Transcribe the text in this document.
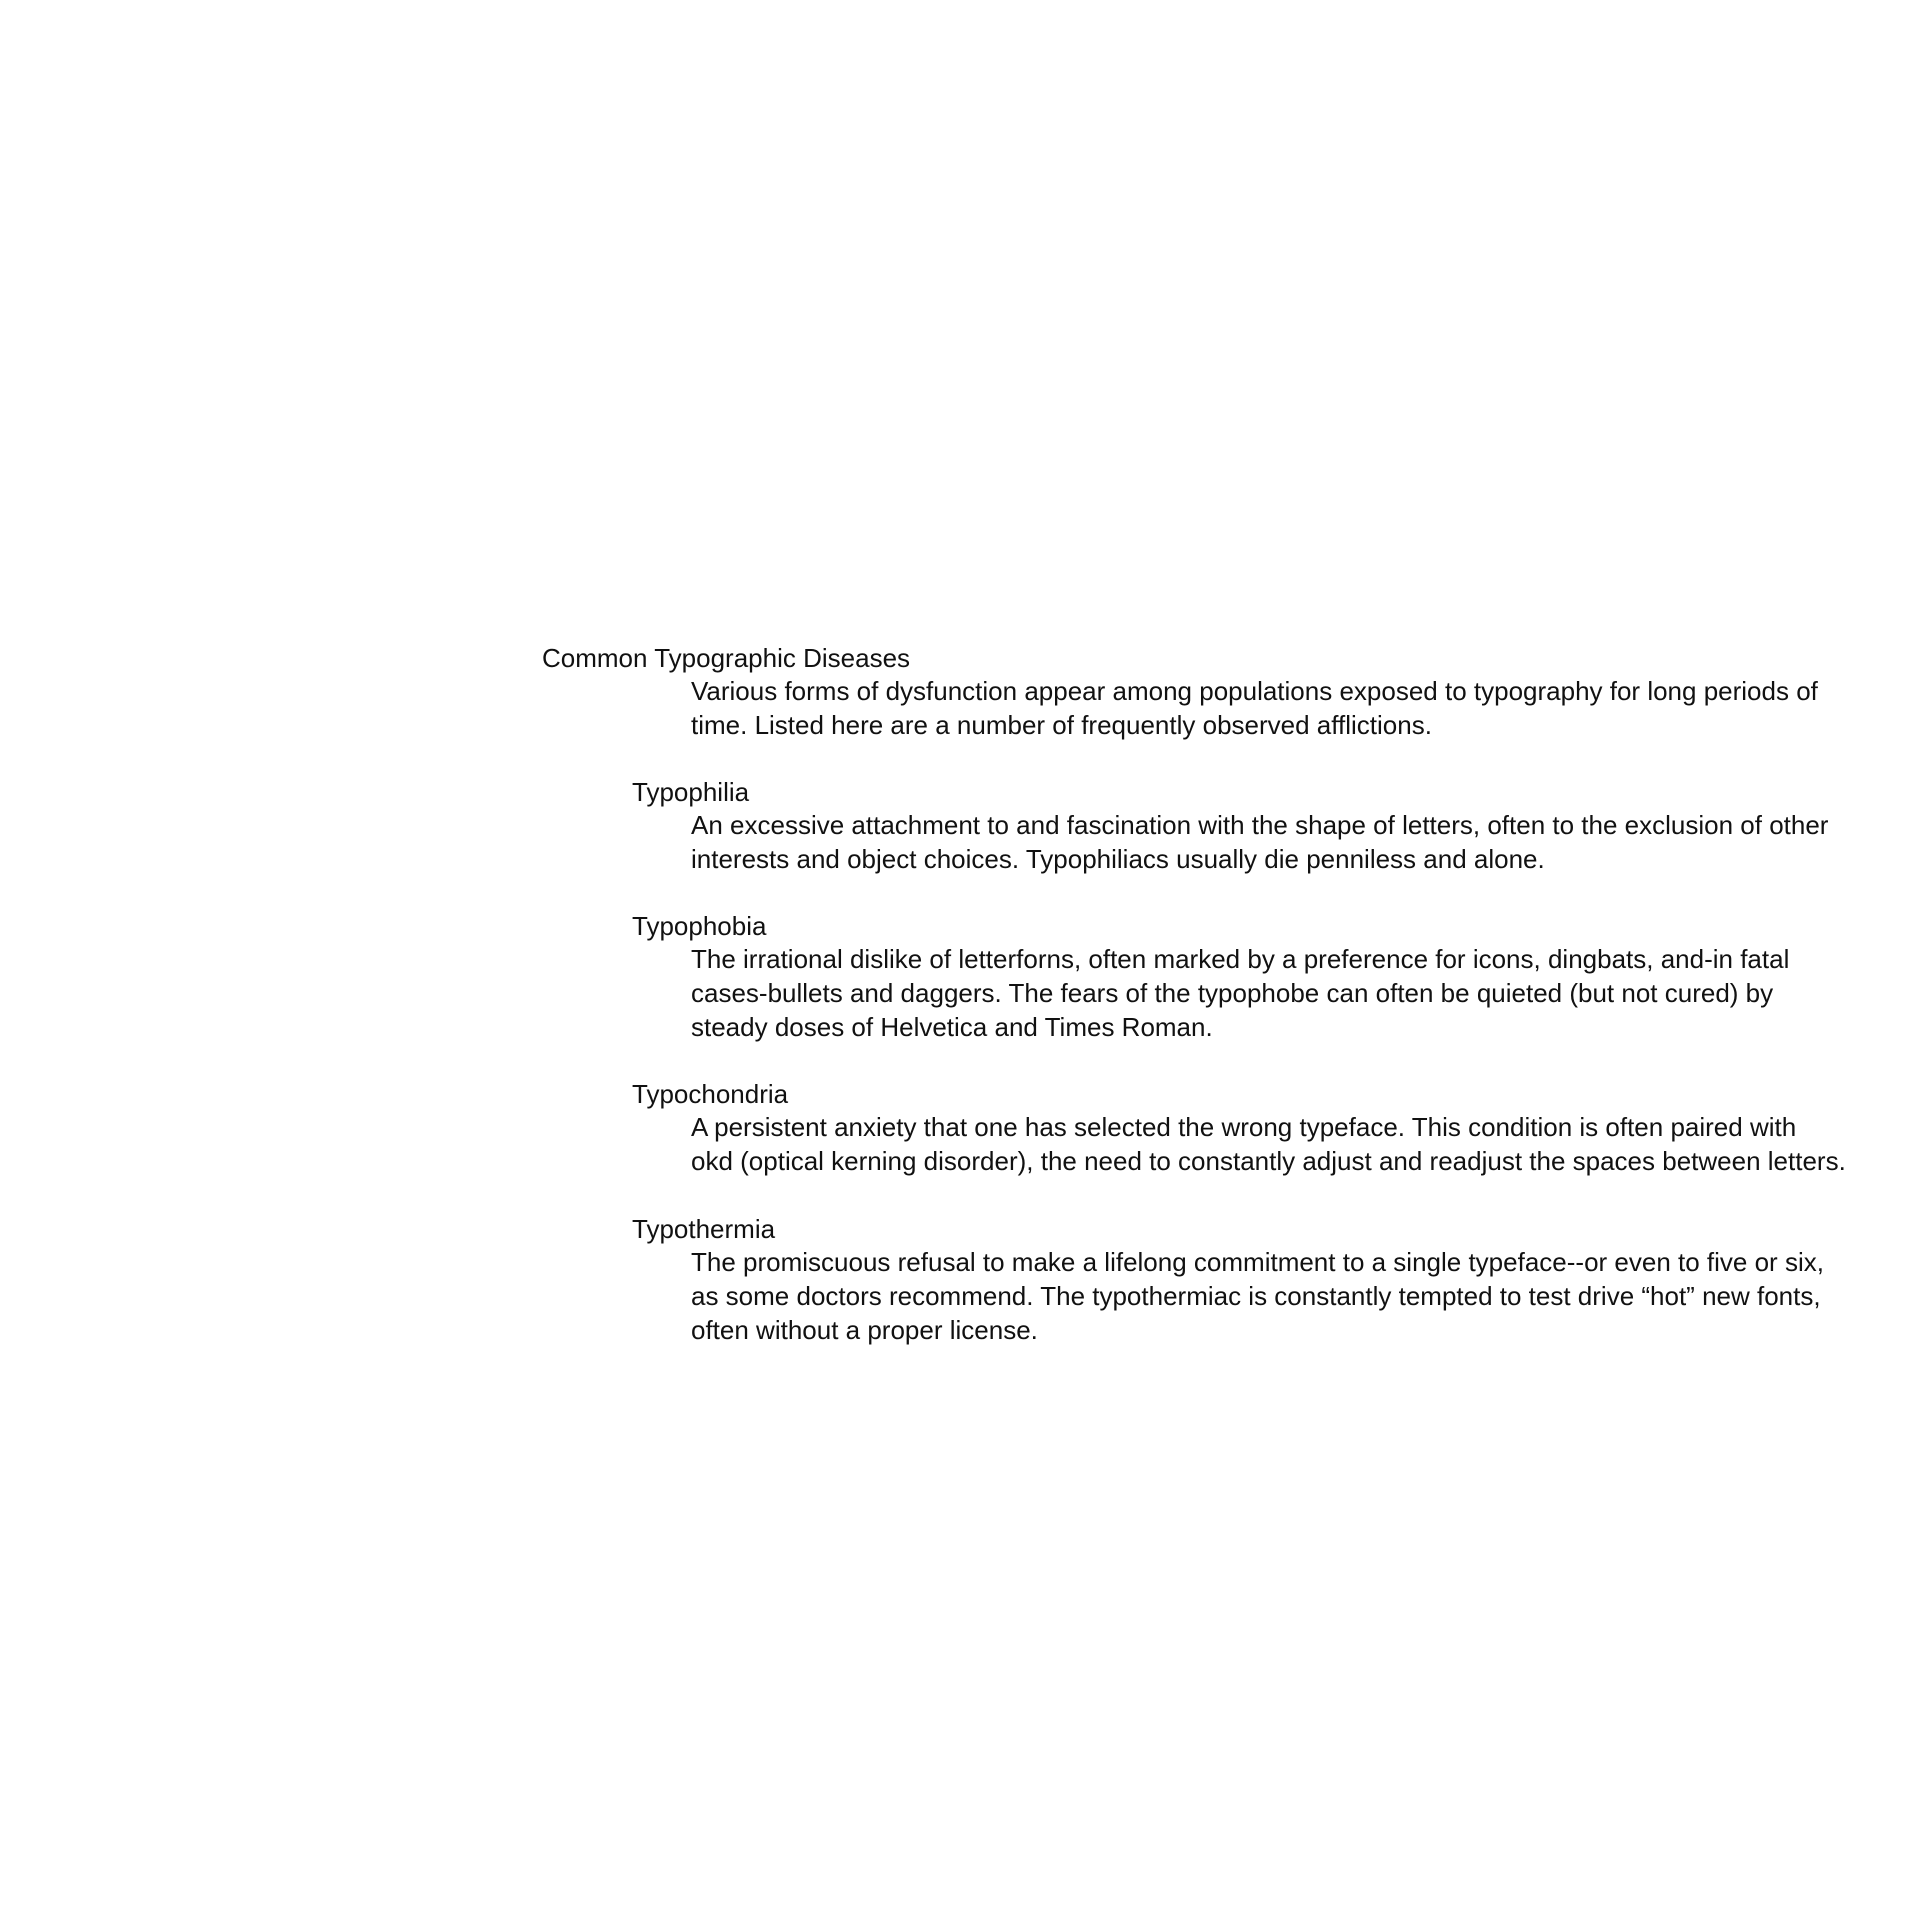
Common Typographic Diseases
Various forms of dysfunction appear among populations exposed to typography for long periods of
time. Listed here are a number of frequently observed afflictions.
Typophilia
An excessive attachment to and fascination with the shape of letters, often to the exclusion of other
interests and object choices. Typophiliacs usually die penniless and alone.
Typophobia
The irrational dislike of letterforns, often marked by a preference for icons, dingbats, and-in fatal
cases-bullets and daggers. The fears of the typophobe can often be quieted (but not cured) by
steady doses of Helvetica and Times Roman.
Typochondria
A persistent anxiety that one has selected the wrong typeface. This condition is often paired with
okd (optical kerning disorder), the need to constantly adjust and readjust the spaces between letters.
Typothermia
The promiscuous refusal to make a lifelong commitment to a single typeface--or even to five or six,
as some doctors recommend. The typothermiac is constantly tempted to test drive “hot” new fonts,
often without a proper license.
